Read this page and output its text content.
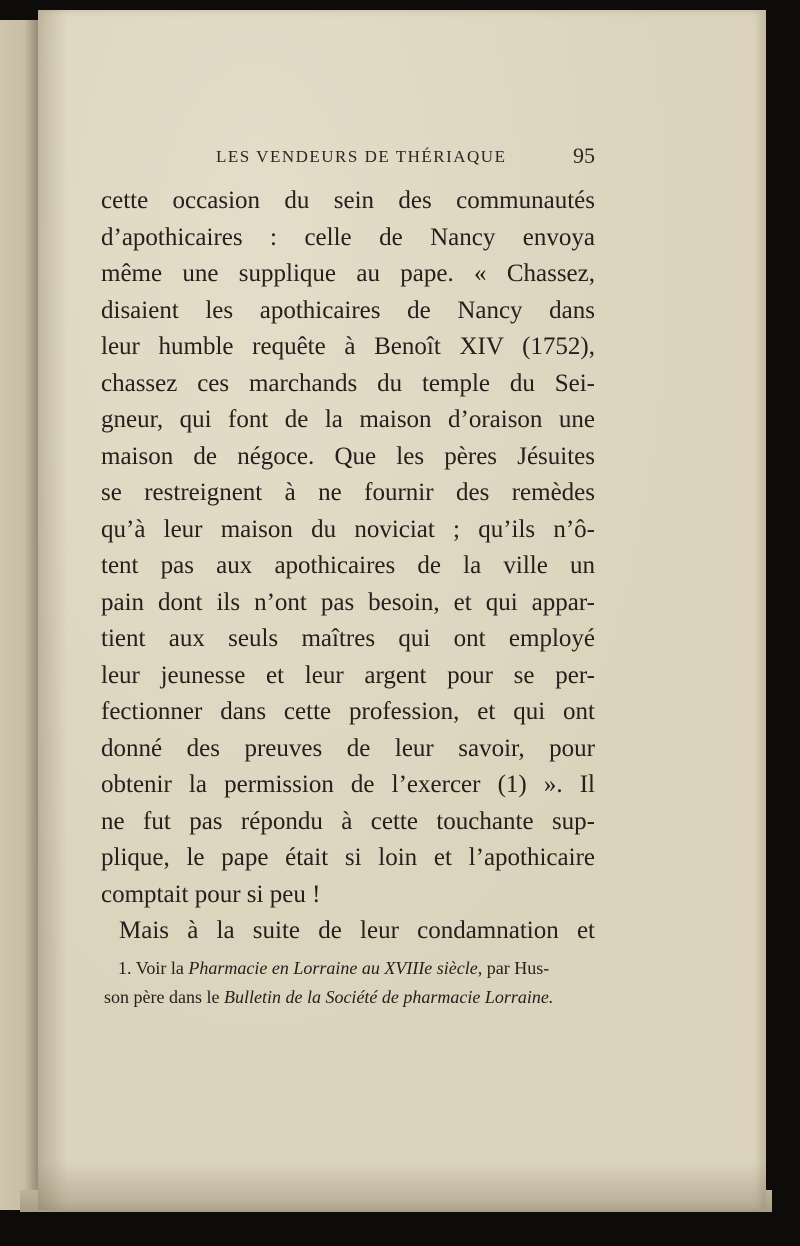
LES VENDEURS DE THÉRIAQUE	95
cette occasion du sein des communautés
d’apothicaires : celle de Nancy envoya
même une supplique au pape. « Chassez,
disaient les apothicaires de Nancy dans
leur humble requête à Benoît XIV (1752),
chassez ces marchands du temple du Sei-
gneur, qui font de la maison d’oraison une
maison de négoce. Que les pères Jésuites
se restreignent à ne fournir des remèdes
qu’à leur maison du noviciat ; qu’ils n’ô-
tent pas aux apothicaires de la ville un
pain dont ils n’ont pas besoin, et qui appar-
tient aux seuls maîtres qui ont employé
leur jeunesse et leur argent pour se per-
fectionner dans cette profession, et qui ont
donné des preuves de leur savoir, pour
obtenir la permission de l’exercer (1) ». Il
ne fut pas répondu à cette touchante sup-
plique, le pape était si loin et l’apothicaire
comptait pour si peu !
Mais à la suite de leur condamnation et
1. Voir la Pharmacie en Lorraine au XVIIIe siècle, par Hus-
son père dans le Bulletin de la Société de pharmacie Lorraine.
